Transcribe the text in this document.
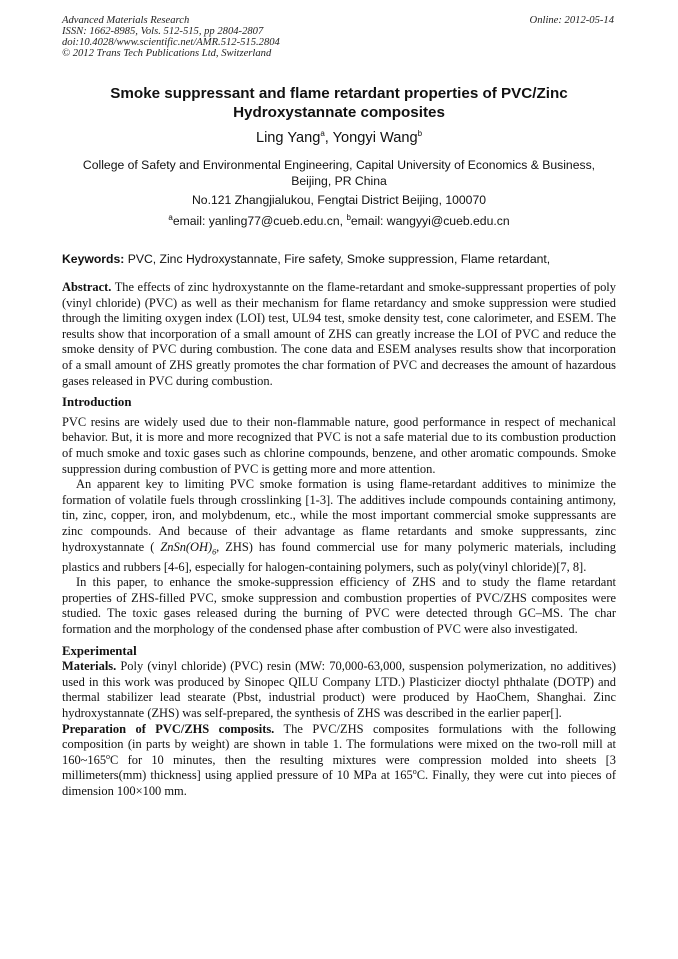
Advanced Materials Research
ISSN: 1662-8985, Vols. 512-515, pp 2804-2807
doi:10.4028/www.scientific.net/AMR.512-515.2804
© 2012 Trans Tech Publications Ltd, Switzerland
Online: 2012-05-14
Smoke suppressant and flame retardant properties of PVC/Zinc Hydroxystannate composites
Ling Yang$^a$, Yongyi Wang$^b$
College of Safety and Environmental Engineering, Capital University of Economics & Business, Beijing, PR China
No.121 Zhangjialukou, Fengtai District Beijing, 100070
$^a$email: yanling77@cueb.edu.cn, $^b$email: wangyyi@cueb.edu.cn
Keywords: PVC, Zinc Hydroxystannate, Fire safety, Smoke suppression, Flame retardant,

Abstract. The effects of zinc hydroxystannte on the flame-retardant and smoke-suppressant properties of poly (vinyl chloride) (PVC) as well as their mechanism for flame retardancy and smoke suppression were studied through the limiting oxygen index (LOI) test, UL94 test, smoke density test, cone calorimeter, and ESEM. The results show that incorporation of a small amount of ZHS can greatly increase the LOI of PVC and reduce the smoke density of PVC during combustion. The cone data and ESEM analyses results show that incorporation of a small amount of ZHS greatly promotes the char formation of PVC and decreases the amount of hazardous gases released in PVC during combustion.

Introduction

PVC resins are widely used due to their non-flammable nature, good performance in respect of mechanical behavior. But, it is more and more recognized that PVC is not a safe material due to its combustion production of much smoke and toxic gases such as chlorine compounds, benzene, and other aromatic compounds. Smoke suppression during combustion of PVC is getting more and more attention.

An apparent key to limiting PVC smoke formation is using flame-retardant additives to minimize the formation of volatile fuels through crosslinking [1-3]. The additives include compounds containing antimony, tin, zinc, copper, iron, and molybdenum, etc., while the most important commercial smoke suppressants are zinc compounds. And because of their advantage as flame retardants and smoke suppressants, zinc hydroxystannate ( $ZnSn(OH)_6$, ZHS) has found commercial use for many polymeric materials, including plastics and rubbers [4-6], especially for halogen-containing polymers, such as poly(vinyl chloride)[7, 8].

In this paper, to enhance the smoke-suppression efficiency of ZHS and to study the flame retardant properties of ZHS-filled PVC, smoke suppression and combustion properties of PVC/ZHS composites were studied. The toxic gases released during the burning of PVC were detected through GC–MS. The char formation and the morphology of the condensed phase after combustion of PVC were also investigated.

Experimental

Materials. Poly (vinyl chloride) (PVC) resin (MW: 70,000-63,000, suspension polymerization, no additives) used in this work was produced by Sinopec QILU Company LTD.) Plasticizer dioctyl phthalate (DOTP) and thermal stabilizer lead stearate (Pbst, industrial product) were produced by HaoChem, Shanghai. Zinc hydroxystannate (ZHS) was self-prepared, the synthesis of ZHS was described in the earlier paper[].

Preparation of PVC/ZHS composits. The PVC/ZHS composites formulations with the following composition (in parts by weight) are shown in table 1. The formulations were mixed on the two-roll mill at 160~165$^o$C for 10 minutes, then the resulting mixtures were compression molded into sheets [3 millimeters(mm) thickness] using applied pressure of 10 MPa at 165$^o$C. Finally, they were cut into pieces of dimension 100×100 mm.
